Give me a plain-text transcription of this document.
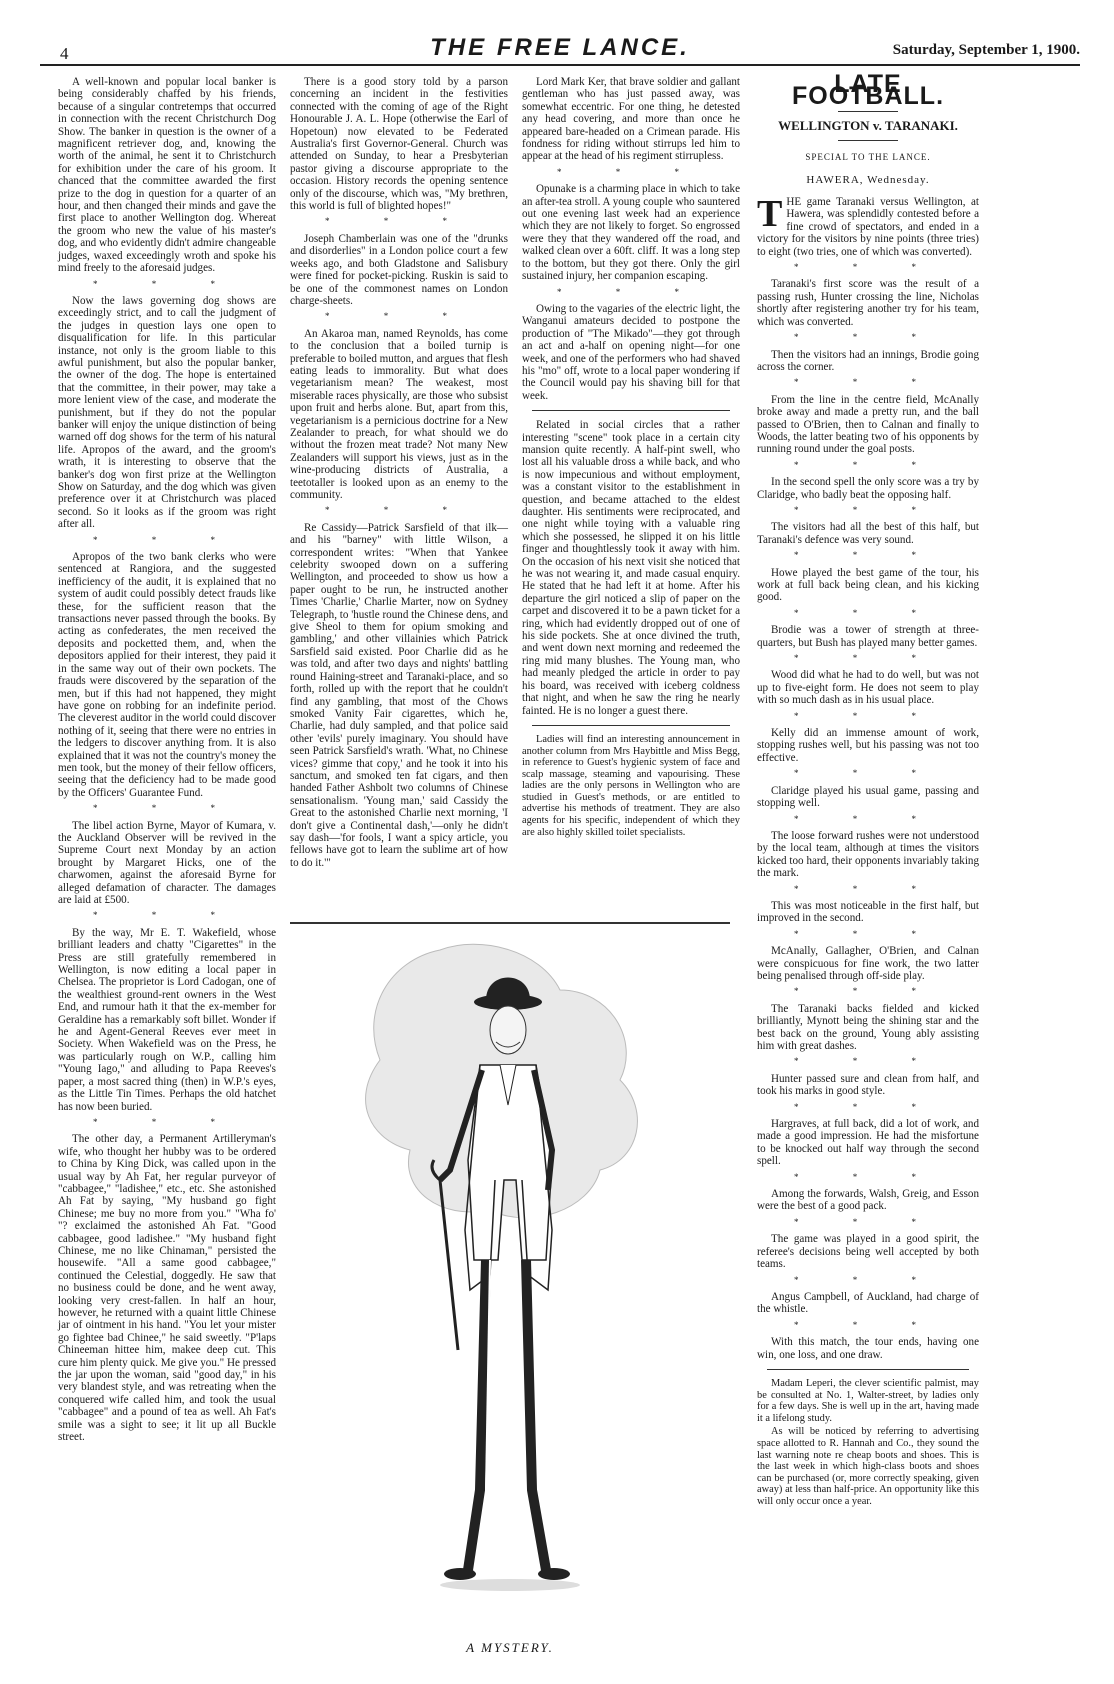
4	THE FREE LANCE.	Saturday, September 1, 1900.

A well-known and popular local banker is being considerably chaffed by his friends, because of a singular contretemps that occurred in connection with the recent Christchurch Dog Show. The banker in question is the owner of a magnificent retriever dog, and, knowing the worth of the animal, he sent it to Christchurch for exhibition under the care of his groom. It chanced that the committee awarded the first prize to the dog in question for a quarter of an hour, and then changed their minds and gave the first place to another Wellington dog. Whereat the groom who new the value of his master's dog, and who evidently didn't admire changeable judges, waxed exceedingly wroth and spoke his mind freely to the aforesaid judges.

* * *

Now the laws governing dog shows are exceedingly strict, and to call the judgment of the judges in question lays one open to disqualification for life. In this particular instance, not only is the groom liable to this awful punishment, but also the popular banker, the owner of the dog. The hope is entertained that the committee, in their power, may take a more lenient view of the case, and moderate the punishment, but if they do not the popular banker will enjoy the unique distinction of being warned off dog shows for the term of his natural life. Apropos of the award, and the groom's wrath, it is interesting to observe that the banker's dog won first prize at the Wellington Show on Saturday, and the dog which was given preference over it at Christchurch was placed second. So it looks as if the groom was right after all.

* * *

Apropos of the two bank clerks who were sentenced at Rangiora, and the suggested inefficiency of the audit, it is explained that no system of audit could possibly detect frauds like these, for the sufficient reason that the transactions never passed through the books. By acting as confederates, the men received the deposits and pocketted them, and, when the depositors applied for their interest, they paid it in the same way out of their own pockets. The frauds were discovered by the separation of the men, but if this had not happened, they might have gone on robbing for an indefinite period. The cleverest auditor in the world could discover nothing of it, seeing that there were no entries in the ledgers to discover anything from. It is also explained that it was not the country's money the men took, but the money of their fellow officers, seeing that the deficiency had to be made good by the Officers' Guarantee Fund.

* * *

The libel action Byrne, Mayor of Kumara, v. the Auckland Observer will be revived in the Supreme Court next Monday by an action brought by Margaret Hicks, one of the charwomen, against the aforesaid Byrne for alleged defamation of character. The damages are laid at £500.

* * *

By the way, Mr E. T. Wakefield, whose brilliant leaders and chatty "Cigarettes" in the Press are still gratefully remembered in Wellington, is now editing a local paper in Chelsea. The proprietor is Lord Cadogan, one of the wealthiest ground-rent owners in the West End, and rumour hath it that the ex-member for Geraldine has a remarkably soft billet. Wonder if he and Agent-General Reeves ever meet in Society. When Wakefield was on the Press, he was particularly rough on W.P., calling him "Young Iago," and alluding to Papa Reeves's paper, a most sacred thing (then) in W.P.'s eyes, as the Little Tin Times. Perhaps the old hatchet has now been buried.

* * *

The other day, a Permanent Artilleryman's wife, who thought her hubby was to be ordered to China by King Dick, was called upon in the usual way by Ah Fat, her regular purveyor of "cabbagee," "ladishee," etc., etc. She astonished Ah Fat by saying, "My husband go fight Chinese; me buy no more from you." "Wha fo' "? exclaimed the astonished Ah Fat. "Good cabbagee, good ladishee." "My husband fight Chinese, me no like Chinaman," persisted the housewife. "All a same good cabbagee," continued the Celestial, doggedly. He saw that no business could be done, and he went away, looking very crest-fallen. In half an hour, however, he returned with a quaint little Chinese jar of ointment in his hand. "You let your mister go fightee bad Chinee," he said sweetly. "P'laps Chineeman hittee him, makee deep cut. This cure him plenty quick. Me give you." He pressed the jar upon the woman, said "good day," in his very blandest style, and was retreating when the conquered wife called him, and took the usual "cabbagee" and a pound of tea as well. Ah Fat's smile was a sight to see; it lit up all Buckle street.

There is a good story told by a parson concerning an incident in the festivities connected with the coming of age of the Right Honourable J. A. L. Hope (otherwise the Earl of Hopetoun) now elevated to be Federated Australia's first Governor-General. Church was attended on Sunday, to hear a Presbyterian pastor giving a discourse appropriate to the occasion. History records the opening sentence only of the discourse, which was, "My brethren, this world is full of blighted hopes!"

* * *

Joseph Chamberlain was one of the "drunks and disorderlies" in a London police court a few weeks ago, and both Gladstone and Salisbury were fined for pocket-picking. Ruskin is said to be one of the commonest names on London charge-sheets.

* * *

An Akaroa man, named Reynolds, has come to the conclusion that a boiled turnip is preferable to boiled mutton, and argues that flesh eating leads to immorality. But what does vegetarianism mean? The weakest, most miserable races physically, are those who subsist upon fruit and herbs alone. But, apart from this, vegetarianism is a pernicious doctrine for a New Zealander to preach, for what should we do without the frozen meat trade? Not many New Zealanders will support his views, just as in the wine-producing districts of Australia, a teetotaller is looked upon as an enemy to the community.

* * *

Re Cassidy—Patrick Sarsfield of that ilk—and his "barney" with little Wilson, a correspondent writes: "When that Yankee celebrity swooped down on a suffering Wellington, and proceeded to show us how a paper ought to be run, he instructed another Times 'Charlie,' Charlie Marter, now on Sydney Telegraph, to 'hustle round the Chinese dens, and give Sheol to them for opium smoking and gambling,' and other villainies which Patrick Sarsfield said existed. Poor Charlie did as he was told, and after two days and nights' battling round Haining-street and Taranaki-place, and so forth, rolled up with the report that he couldn't find any gambling, that most of the Chows smoked Vanity Fair cigarettes, which he, Charlie, had duly sampled, and that police said other 'evils' purely imaginary. You should have seen Patrick Sarsfield's wrath. 'What, no Chinese vices? gimme that copy,' and he took it into his sanctum, and smoked ten fat cigars, and then handed Father Ashbolt two columns of Chinese sensationalism. 'Young man,' said Cassidy the Great to the astonished Charlie next morning, 'I don't give a Continental dash,'—only he didn't say dash—'for fools, I want a spicy article, you fellows have got to learn the sublime art of how to do it.'"

Lord Mark Ker, that brave soldier and gallant gentleman who has just passed away, was somewhat eccentric. For one thing, he detested any head covering, and more than once he appeared bare-headed on a Crimean parade. His fondness for riding without stirrups led him to appear at the head of his regiment stirrupless.

* * *

Opunake is a charming place in which to take an after-tea stroll. A young couple who sauntered out one evening last week had an experience which they are not likely to forget. So engrossed were they that they wandered off the road, and walked clean over a 60ft. cliff. It was a long step to the bottom, but they got there. Only the girl sustained injury, her companion escaping.

* * *

Owing to the vagaries of the electric light, the Wanganui amateurs decided to postpone the production of "The Mikado"—they got through an act and a-half on opening night—for one week, and one of the performers who had shaved his "mo" off, wrote to a local paper wondering if the Council would pay his shaving bill for that week.

Related in social circles that a rather interesting "scene" took place in a certain city mansion quite recently. A half-pint swell, who lost all his valuable dross a while back, and who is now impecunious and without employment, was a constant visitor to the establishment in question, and became attached to the eldest daughter. His sentiments were reciprocated, and one night while toying with a valuable ring which she possessed, he slipped it on his little finger and thoughtlessly took it away with him. On the occasion of his next visit she noticed that he was not wearing it, and made casual enquiry. He stated that he had left it at home. After his departure the girl noticed a slip of paper on the carpet and discovered it to be a pawn ticket for a ring, which had evidently dropped out of one of his side pockets. She at once divined the truth, and went down next morning and redeemed the ring mid many blushes. The Young man, who had meanly pledged the article in order to pay his board, was received with iceberg coldness that night, and when he saw the ring he nearly fainted. He is no longer a guest there.

Ladies will find an interesting announcement in another column from Mrs Haybittle and Miss Begg, in reference to Guest's hygienic system of face and scalp massage, steaming and vapourising. These ladies are the only persons in Wellington who are studied in Guest's methods, or are entitled to advertise his methods of treatment. They are also agents for his specific, independent of which they are also highly skilled toilet specialists.

LATE FOOTBALL.
WELLINGTON v. TARANAKI.
SPECIAL TO THE LANCE.
HAWERA, Wednesday.

THE game Taranaki versus Wellington, at Hawera, was splendidly contested before a fine crowd of spectators, and ended in a victory for the visitors by nine points (three tries) to eight (two tries, one of which was converted).

* * *

Taranaki's first score was the result of a passing rush, Hunter crossing the line, Nicholas shortly after registering another try for his team, which was converted.

* * *

Then the visitors had an innings, Brodie going across the corner.

* * *

From the line in the centre field, McAnally broke away and made a pretty run, and the ball passed to O'Brien, then to Calnan and finally to Woods, the latter beating two of his opponents by running round under the goal posts.

* * *

In the second spell the only score was a try by Claridge, who badly beat the opposing half.

* * *

The visitors had all the best of this half, but Taranaki's defence was very sound.

* * *

Howe played the best game of the tour, his work at full back being clean, and his kicking good.

* * *

Brodie was a tower of strength at three-quarters, but Bush has played many better games.

* * *

Wood did what he had to do well, but was not up to five-eight form. He does not seem to play with so much dash as in his usual place.

* * *

Kelly did an immense amount of work, stopping rushes well, but his passing was not too effective.

* * *

Claridge played his usual game, passing and stopping well.

* * *

The loose forward rushes were not understood by the local team, although at times the visitors kicked too hard, their opponents invariably taking the mark.

* * *

This was most noticeable in the first half, but improved in the second.

* * *

McAnally, Gallagher, O'Brien, and Calnan were conspicuous for fine work, the two latter being penalised through off-side play.

* * *

The Taranaki backs fielded and kicked brilliantly, Mynott being the shining star and the best back on the ground, Young ably assisting him with great dashes.

* * *

Hunter passed sure and clean from half, and took his marks in good style.

* * *

Hargraves, at full back, did a lot of work, and made a good impression. He had the misfortune to be knocked out half way through the second spell.

* * *

Among the forwards, Walsh, Greig, and Esson were the best of a good pack.

* * *

The game was played in a good spirit, the referee's decisions being well accepted by both teams.

* * *

Angus Campbell, of Auckland, had charge of the whistle.

* * *

With this match, the tour ends, having one win, one loss, and one draw.

Madam Leperi, the clever scientific palmist, may be consulted at No. 1, Walter-street, by ladies only for a few days. She is well up in the art, having made it a lifelong study.

As will be noticed by referring to advertising space allotted to R. Hannah and Co., they sound the last warning note re cheap boots and shoes. This is the last week in which high-class boots and shoes can be purchased (or, more correctly speaking, given away) at less than half-price. An opportunity like this will only occur once a year.

A MYSTERY.
